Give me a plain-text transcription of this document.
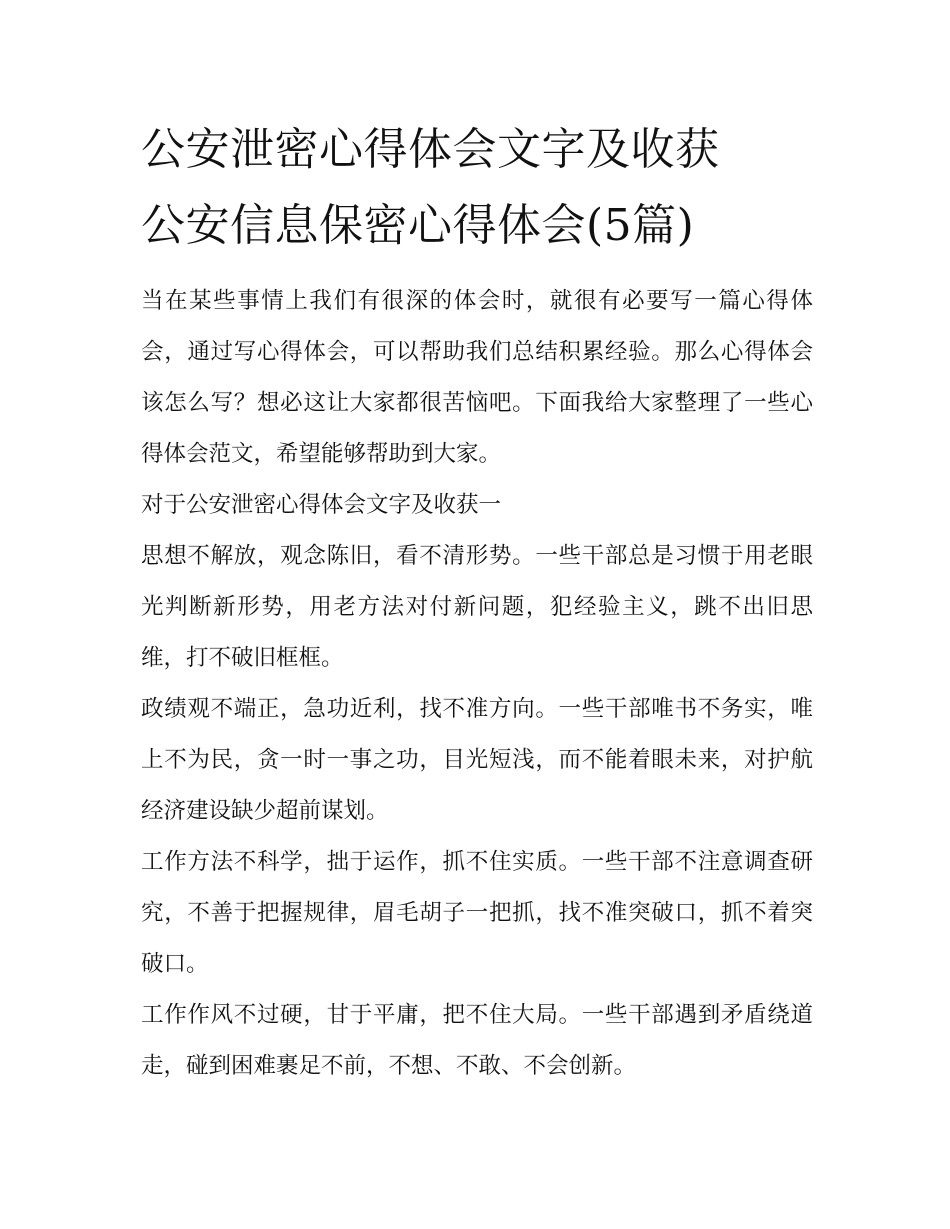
公安泄密心得体会文字及收获
公安信息保密心得体会(5篇)

当在某些事情上我们有很深的体会时，就很有必要写一篇心得体会，通过写心得体会，可以帮助我们总结积累经验。那么心得体会该怎么写？想必这让大家都很苦恼吧。下面我给大家整理了一些心得体会范文，希望能够帮助到大家。

对于公安泄密心得体会文字及收获一

思想不解放，观念陈旧，看不清形势。一些干部总是习惯于用老眼光判断新形势，用老方法对付新问题，犯经验主义，跳不出旧思维，打不破旧框框。

政绩观不端正，急功近利，找不准方向。一些干部唯书不务实，唯上不为民，贪一时一事之功，目光短浅，而不能着眼未来，对护航经济建设缺少超前谋划。

工作方法不科学，拙于运作，抓不住实质。一些干部不注意调查研究，不善于把握规律，眉毛胡子一把抓，找不准突破口，抓不着突破口。

工作作风不过硬，甘于平庸，把不住大局。一些干部遇到矛盾绕道走，碰到困难裹足不前，不想、不敢、不会创新。
